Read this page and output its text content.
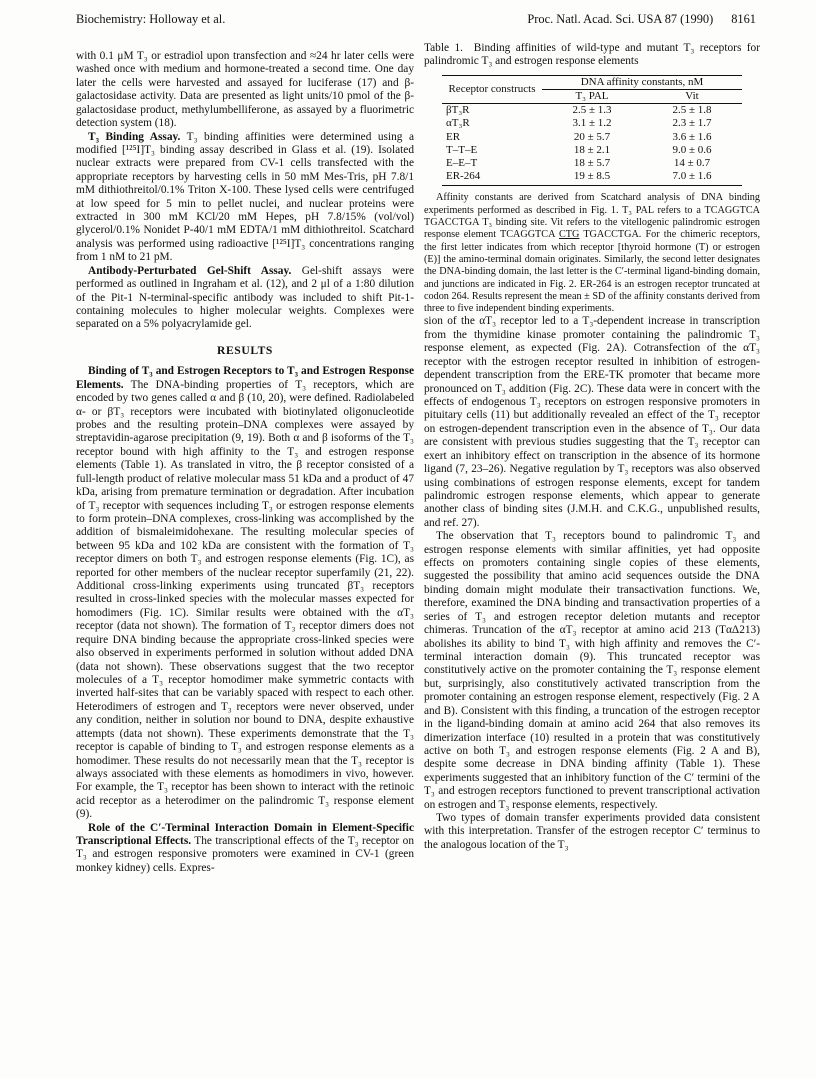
Biochemistry: Holloway et al.	Proc. Natl. Acad. Sci. USA 87 (1990) 8161

with 0.1 μM T₃ or estradiol upon transfection and ≈24 hr later cells were washed once with medium and hormone-treated a second time. One day later the cells were harvested and assayed for luciferase (17) and β-galactosidase activity. Data are presented as light units/10 pmol of the β-galactosidase product, methylumbelliferone, as assayed by a fluorimetric detection system (18).

T₃ Binding Assay. T₃ binding affinities were determined using a modified [¹²⁵I]T₃ binding assay described in Glass et al. (19). Isolated nuclear extracts were prepared from CV-1 cells transfected with the appropriate receptors by harvesting cells in 50 mM Mes-Tris, pH 7.8/1 mM dithiothreitol/0.1% Triton X-100. These lysed cells were centrifuged at low speed for 5 min to pellet nuclei, and nuclear proteins were extracted in 300 mM KCl/20 mM Hepes, pH 7.8/15% (vol/vol) glycerol/0.1% Nonidet P-40/1 mM EDTA/1 mM dithiothreitol. Scatchard analysis was performed using radioactive [¹²⁵I]T₃ concentrations ranging from 1 nM to 21 pM.

Antibody-Perturbated Gel-Shift Assay. Gel-shift assays were performed as outlined in Ingraham et al. (12), and 2 μl of a 1:80 dilution of the Pit-1 N-terminal-specific antibody was included to shift Pit-1-containing molecules to higher molecular weights. Complexes were separated on a 5% polyacrylamide gel.

RESULTS

Binding of T₃ and Estrogen Receptors to T₃ and Estrogen Response Elements. The DNA-binding properties of T₃ receptors, which are encoded by two genes called α and β (10, 20), were defined. Radiolabeled α- or βT₃ receptors were incubated with biotinylated oligonucleotide probes and the resulting protein–DNA complexes were assayed by streptavidin-agarose precipitation (9, 19). Both α and β isoforms of the T₃ receptor bound with high affinity to the T₃ and estrogen response elements (Table 1). As translated in vitro, the β receptor consisted of a full-length product of relative molecular mass 51 kDa and a product of 47 kDa, arising from premature termination or degradation. After incubation of T₃ receptor with sequences including T₃ or estrogen response elements to form protein–DNA complexes, cross-linking was accomplished by the addition of bismaleimidohexane. The resulting molecular species of between 95 kDa and 102 kDa are consistent with the formation of T₃ receptor dimers on both T₃ and estrogen response elements (Fig. 1C), as reported for other members of the nuclear receptor superfamily (21, 22). Additional cross-linking experiments using truncated βT₃ receptors resulted in cross-linked species with the molecular masses expected for homodimers (Fig. 1C). Similar results were obtained with the αT₃ receptor (data not shown). The formation of T₃ receptor dimers does not require DNA binding because the appropriate cross-linked species were also observed in experiments performed in solution without added DNA (data not shown). These observations suggest that the two receptor molecules of a T₃ receptor homodimer make symmetric contacts with inverted half-sites that can be variably spaced with respect to each other. Heterodimers of estrogen and T₃ receptors were never observed, under any condition, neither in solution nor bound to DNA, despite exhaustive attempts (data not shown). These experiments demonstrate that the T₃ receptor is capable of binding to T₃ and estrogen response elements as a homodimer. These results do not necessarily mean that the T₃ receptor is always associated with these elements as homodimers in vivo, however. For example, the T₃ receptor has been shown to interact with the retinoic acid receptor as a heterodimer on the palindromic T₃ response element (9).

Role of the C′-Terminal Interaction Domain in Element-Specific Transcriptional Effects. The transcriptional effects of the T₃ receptor on T₃ and estrogen responsive promoters were examined in CV-1 (green monkey kidney) cells. Expres-

Table 1. Binding affinities of wild-type and mutant T₃ receptors for palindromic T₃ and estrogen response elements

Receptor constructs	DNA affinity constants, nM	
	T₃ PAL	Vit
βT₃R	2.5 ± 1.3	2.5 ± 1.8
αT₃R	3.1 ± 1.2	2.3 ± 1.7
ER	20 ± 5.7	3.6 ± 1.6
T–T–E	18 ± 2.1	9.0 ± 0.6
E–E–T	18 ± 5.7	14 ± 0.7
ER-264	19 ± 8.5	7.0 ± 1.6

Affinity constants are derived from Scatchard analysis of DNA binding experiments performed as described in Fig. 1. T₃ PAL refers to a TCAGGTCA TGACCTGA T₃ binding site. Vit refers to the vitellogenic palindromic estrogen response element TCAGGTCA CTG TGACCTGA. For the chimeric receptors, the first letter indicates from which receptor [thyroid hormone (T) or estrogen (E)] the amino-terminal domain originates. Similarly, the second letter designates the DNA-binding domain, the last letter is the C′-terminal ligand-binding domain, and junctions are indicated in Fig. 2. ER-264 is an estrogen receptor truncated at codon 264. Results represent the mean ± SD of the affinity constants derived from three to five independent binding experiments.

sion of the αT₃ receptor led to a T₃-dependent increase in transcription from the thymidine kinase promoter containing the palindromic T₃ response element, as expected (Fig. 2A). Cotransfection of the αT₃ receptor with the estrogen receptor resulted in inhibition of estrogen-dependent transcription from the ERE-TK promoter that became more pronounced on T₃ addition (Fig. 2C). These data were in concert with the effects of endogenous T₃ receptors on estrogen responsive promoters in pituitary cells (11) but additionally revealed an effect of the T₃ receptor on estrogen-dependent transcription even in the absence of T₃. Our data are consistent with previous studies suggesting that the T₃ receptor can exert an inhibitory effect on transcription in the absence of its hormone ligand (7, 23–26). Negative regulation by T₃ receptors was also observed using combinations of estrogen response elements, except for tandem palindromic estrogen response elements, which appear to generate another class of binding sites (J.M.H. and C.K.G., unpublished results, and ref. 27).

The observation that T₃ receptors bound to palindromic T₃ and estrogen response elements with similar affinities, yet had opposite effects on promoters containing single copies of these elements, suggested the possibility that amino acid sequences outside the DNA binding domain might modulate their transactivation functions. We, therefore, examined the DNA binding and transactivation properties of a series of T₃ and estrogen receptor deletion mutants and receptor chimeras. Truncation of the αT₃ receptor at amino acid 213 (TαΔ213) abolishes its ability to bind T₃ with high affinity and removes the C′-terminal interaction domain (9). This truncated receptor was constitutively active on the promoter containing the T₃ response element but, surprisingly, also constitutively activated transcription from the promoter containing an estrogen response element, respectively (Fig. 2 A and B). Consistent with this finding, a truncation of the estrogen receptor in the ligand-binding domain at amino acid 264 that also removes its dimerization interface (10) resulted in a protein that was constitutively active on both T₃ and estrogen response elements (Fig. 2 A and B), despite some decrease in DNA binding affinity (Table 1). These experiments suggested that an inhibitory function of the C′ termini of the T₃ and estrogen receptors functioned to prevent transcriptional activation on estrogen and T₃ response elements, respectively.

Two types of domain transfer experiments provided data consistent with this interpretation. Transfer of the estrogen receptor C′ terminus to the analogous location of the T₃
